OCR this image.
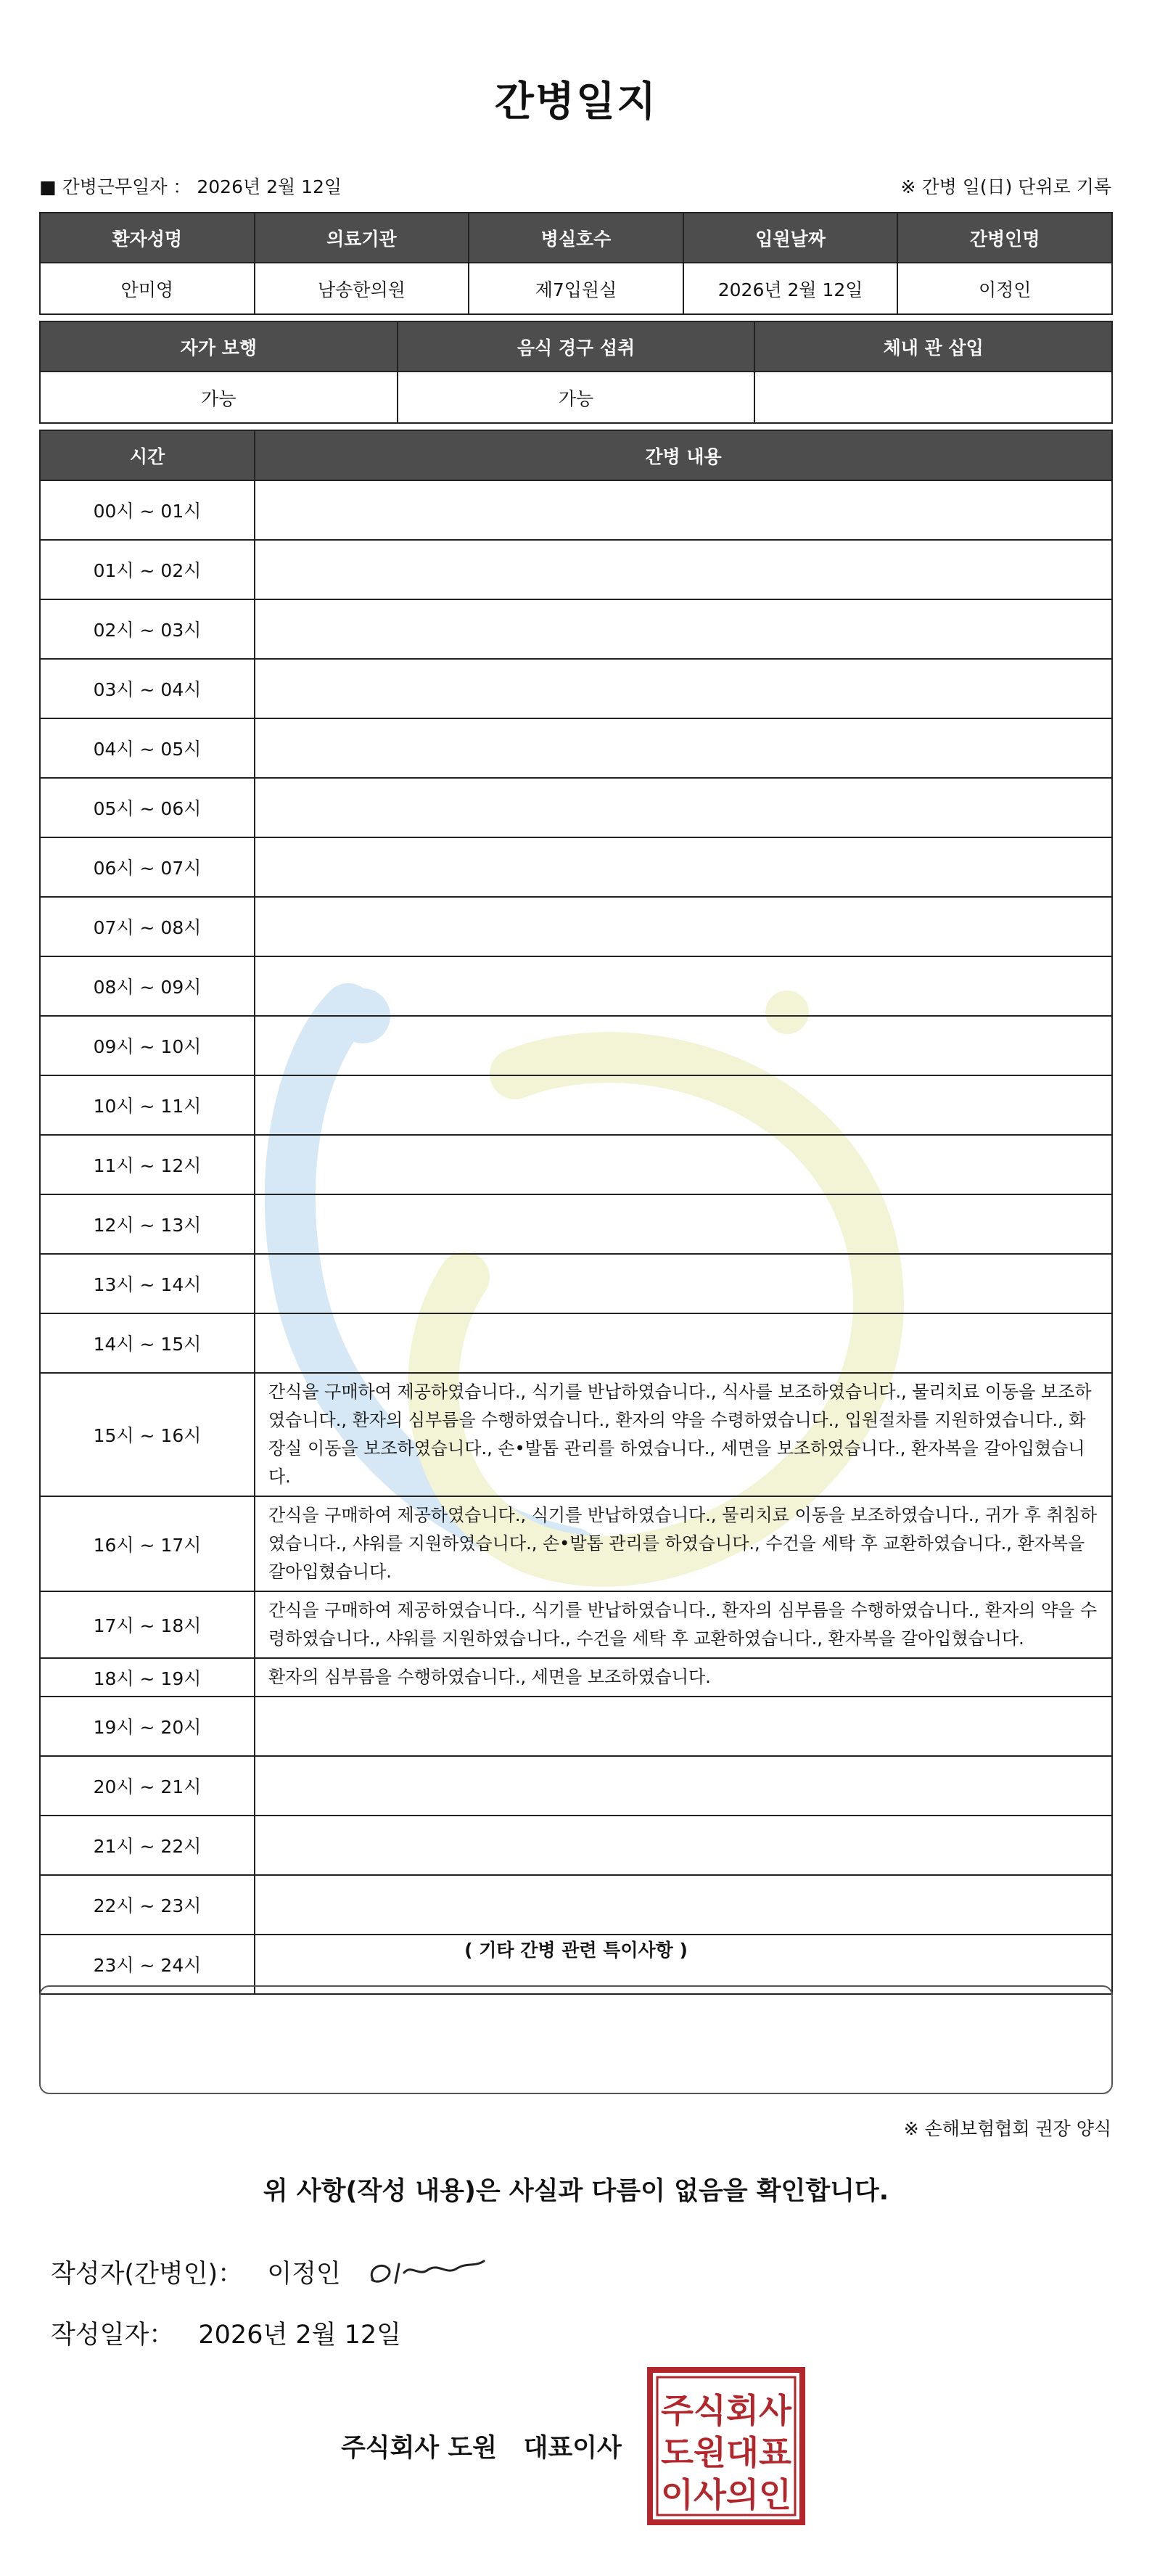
간병일지
■ 간병근무일자 ： 2026년 2월 12일	※ 간병 일(日) 단위로 기록
환자성명	의료기관	병실호수	입원날짜	간병인명
안미영	남송한의원	제7입원실	2026년 2월 12일	이정인
자가 보행	음식 경구 섭취	체내 관 삽입
가능	가능	
시간	간병 내용
00시 ~ 01시	
01시 ~ 02시	
02시 ~ 03시	
03시 ~ 04시	
04시 ~ 05시	
05시 ~ 06시	
06시 ~ 07시	
07시 ~ 08시	
08시 ~ 09시	
09시 ~ 10시	
10시 ~ 11시	
11시 ~ 12시	
12시 ~ 13시	
13시 ~ 14시	
14시 ~ 15시	
15시 ~ 16시	간식을 구매하여 제공하였습니다., 식기를 반납하였습니다., 식사를 보조하였습니다., 물리치료 이동을 보조하였습니다., 환자의 심부름을 수행하였습니다., 환자의 약을 수령하였습니다., 입원절차를 지원하였습니다., 화장실 이동을 보조하였습니다., 손•발톱 관리를 하였습니다., 세면을 보조하였습니다., 환자복을 갈아입혔습니다.
16시 ~ 17시	간식을 구매하여 제공하였습니다., 식기를 반납하였습니다., 물리치료 이동을 보조하였습니다., 귀가 후 취침하였습니다., 샤워를 지원하였습니다., 손•발톱 관리를 하였습니다., 수건을 세탁 후 교환하였습니다., 환자복을 갈아입혔습니다.
17시 ~ 18시	간식을 구매하여 제공하였습니다., 식기를 반납하였습니다., 환자의 심부름을 수행하였습니다., 환자의 약을 수령하였습니다., 샤워를 지원하였습니다., 수건을 세탁 후 교환하였습니다., 환자복을 갈아입혔습니다.
18시 ~ 19시	환자의 심부름을 수행하였습니다., 세면을 보조하였습니다.
19시 ~ 20시	
20시 ~ 21시	
21시 ~ 22시	
22시 ~ 23시	
23시 ~ 24시	
( 기타 간병 관련 특이사항 )
※ 손해보험협회 권장 양식
위 사항(작성 내용)은 사실과 다름이 없음을 확인합니다.
작성자(간병인)： 이정인
작성일자： 2026년 2월 12일
주식회사 도원   대표이사
주식회사
도원대표
이사의인
